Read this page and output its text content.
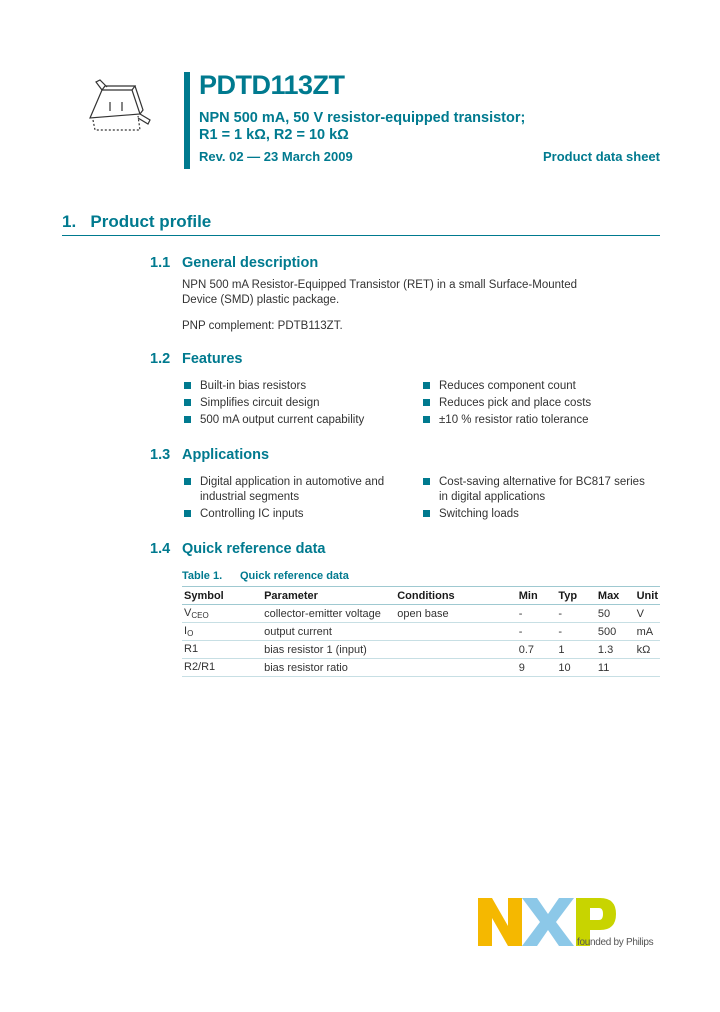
PDTD113ZT
NPN 500 mA, 50 V resistor-equipped transistor;
R1 = 1 kΩ, R2 = 10 kΩ
Rev. 02 — 23 March 2009	Product data sheet
1. Product profile
1.1 General description
NPN 500 mA Resistor-Equipped Transistor (RET) in a small Surface-Mounted
Device (SMD) plastic package.
PNP complement: PDTB113ZT.
1.2 Features
Built-in bias resistors
Simplifies circuit design
500 mA output current capability
Reduces component count
Reduces pick and place costs
±10 % resistor ratio tolerance
1.3 Applications
Digital application in automotive and
industrial segments
Controlling IC inputs
Cost-saving alternative for BC817 series
in digital applications
Switching loads
1.4 Quick reference data
Table 1. Quick reference data
Symbol	Parameter	Conditions	Min	Typ	Max	Unit
$V_{CEO}$	collector-emitter voltage	open base	-	-	50	V
$I_O$	output current		-	-	500	mA
R1	bias resistor 1 (input)		0.7	1	1.3	kΩ
R2/R1	bias resistor ratio		9	10	11	
founded by Philips
